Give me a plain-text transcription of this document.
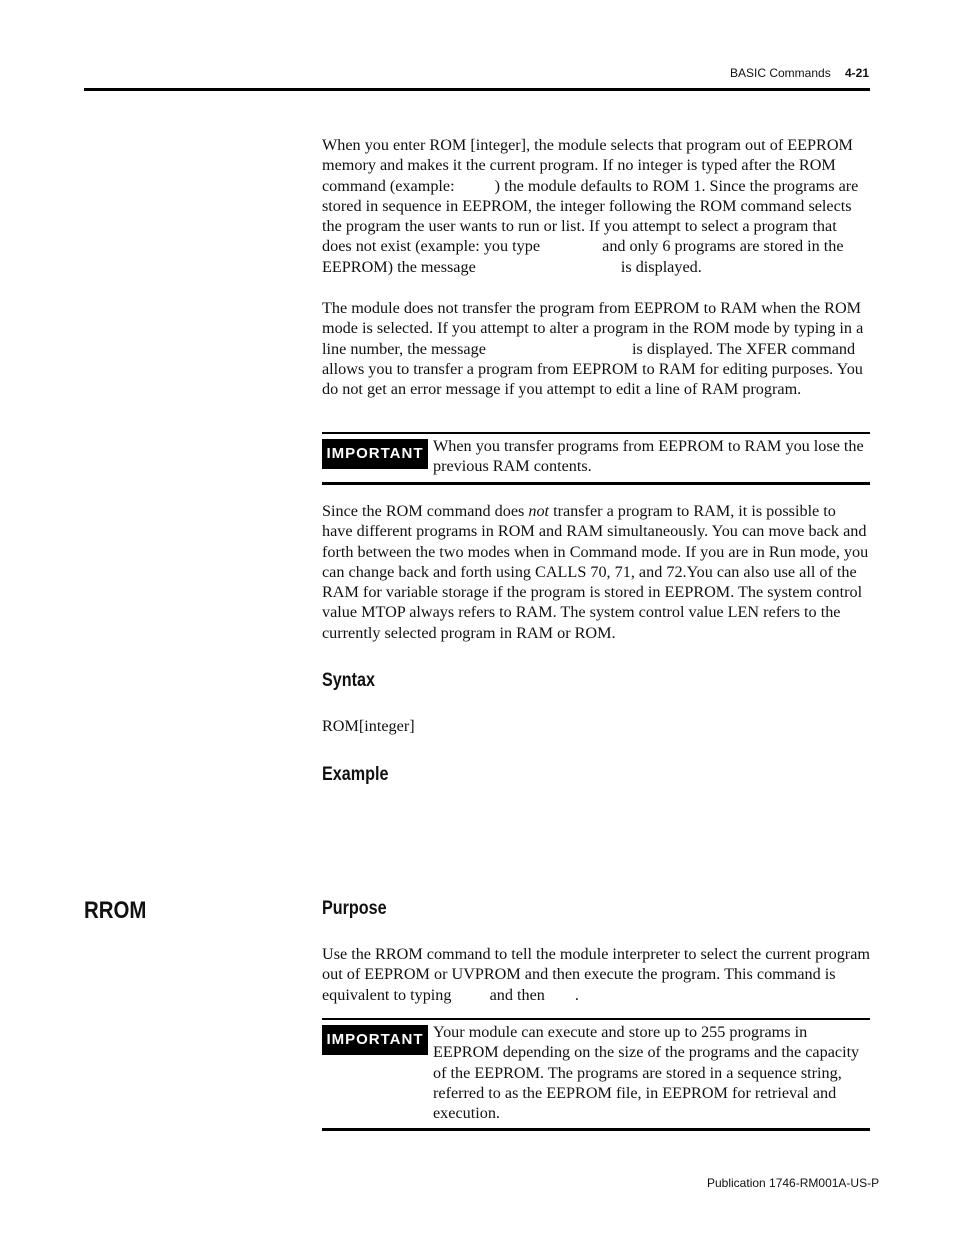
BASIC Commands 4-21

When you enter ROM [integer], the module selects that program out of EEPROM memory and makes it the current program. If no integer is typed after the ROM command (example: ) the module defaults to ROM 1. Since the programs are stored in sequence in EEPROM, the integer following the ROM command selects the program the user wants to run or list. If you attempt to select a program that does not exist (example: you type	and only 6 programs are stored in the EEPROM) the message	is displayed.

The module does not transfer the program from EEPROM to RAM when the ROM mode is selected. If you attempt to alter a program in the ROM mode by typing in a line number, the message	is displayed. The XFER command allows you to transfer a program from EEPROM to RAM for editing purposes. You do not get an error message if you attempt to edit a line of RAM program.

IMPORTANT When you transfer programs from EEPROM to RAM you lose the previous RAM contents.

Since the ROM command does not transfer a program to RAM, it is possible to have different programs in ROM and RAM simultaneously. You can move back and forth between the two modes when in Command mode. If you are in Run mode, you can change back and forth using CALLS 70, 71, and 72.You can also use all of the RAM for variable storage if the program is stored in EEPROM. The system control value MTOP always refers to RAM. The system control value LEN refers to the currently selected program in RAM or ROM.

Syntax
ROM[integer]
Example
RROM	Purpose

Use the RROM command to tell the module interpreter to select the current program out of EEPROM or UVPROM and then execute the program. This command is equivalent to typing  and then .

IMPORTANT Your module can execute and store up to 255 programs in EEPROM depending on the size of the programs and the capacity of the EEPROM. The programs are stored in a sequence string, referred to as the EEPROM file, in EEPROM for retrieval and execution.

Publication 1746-RM001A-US-P
